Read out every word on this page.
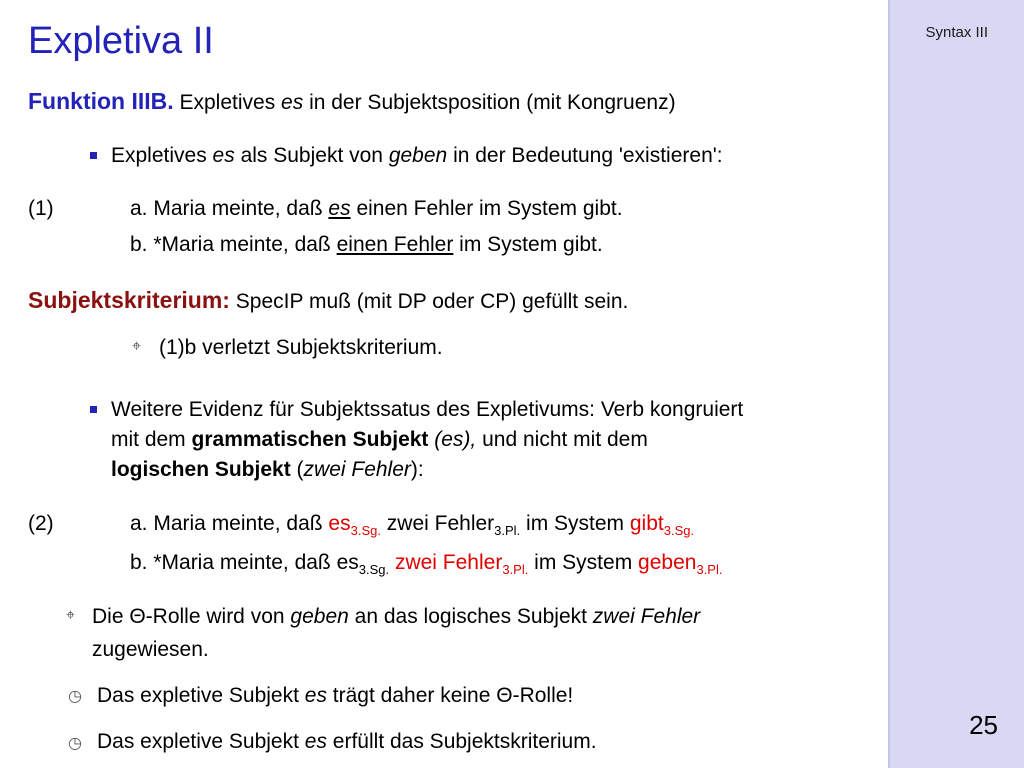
Syntax III
25
Expletiva II
Funktion IIIB. Expletives es in der Subjektsposition (mit Kongruenz)
Expletives es als Subjekt von geben in der Bedeutung 'existieren':
(1)	a. Maria meinte, daß es einen Fehler im System gibt.
b. *Maria meinte, daß einen Fehler im System gibt.
Subjektskriterium: SpecIP muß (mit DP oder CP) gefüllt sein.
⌖ (1)b verletzt Subjektskriterium.
Weitere Evidenz für Subjektssatus des Expletivums: Verb kongruiert
mit dem grammatischen Subjekt (es), und nicht mit dem
logischen Subjekt (zwei Fehler):
(2)	a. Maria meinte, daß $es_{3.Sg.}$ zwei Fehler$_{3.Pl.}$ im System gibt$_{3.Sg.}$
b. *Maria meinte, daß $es_{3.Sg.}$ zwei Fehler$_{3.Pl.}$ im System geben$_{3.Pl.}$
⌖ Die Θ-Rolle wird von geben an das logisches Subjekt zwei Fehler
zugewiesen.
◷ Das expletive Subjekt es trägt daher keine Θ-Rolle!
◷ Das expletive Subjekt es erfüllt das Subjektskriterium.
